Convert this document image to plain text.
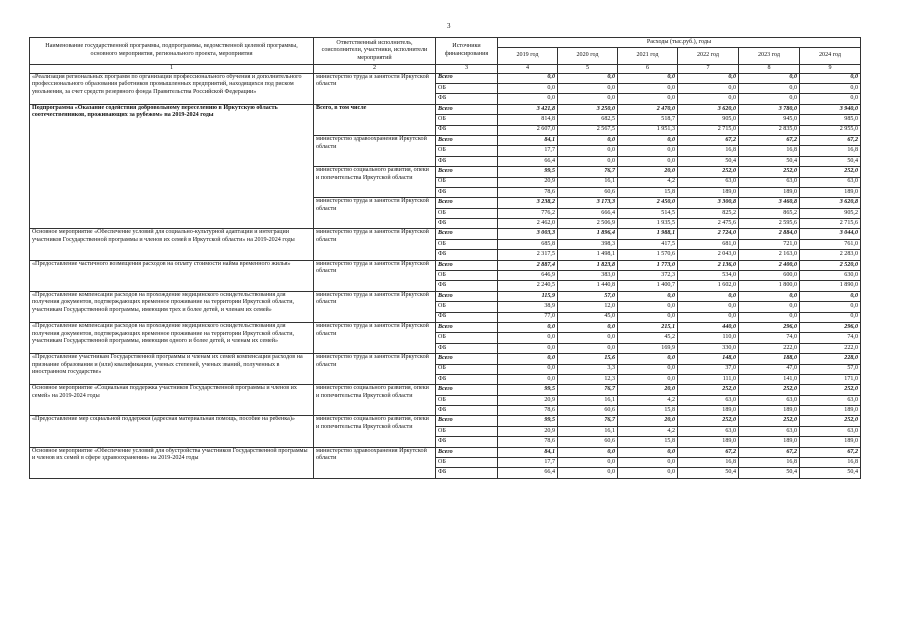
3
Наименование государственной программы, подпрограммы, ведомственной целевой программы, основного мероприятия, регионального проекта, мероприятия	Ответственный исполнитель, соисполнители, участники, исполнители мероприятий	Источники финансирования	Расходы (тыс.руб.), годы					
			2019 год	2020 год	2021 год	2022 год	2023 год	2024 год
1	2	3	4	5	6	7	8	9
«Реализация региональных программ по организации профессионального обучения и дополнительного профессионального образования работников промышленных предприятий, находящихся под риском увольнения, за счет средств резервного фонда Правительства Российской Федерации»	министерство труда и занятости Иркутской области	Всего	0,0	0,0	0,0	0,0	0,0	0,0
		ОБ	0,0	0,0	0,0	0,0	0,0	0,0
		ФБ	0,0	0,0	0,0	0,0	0,0	0,0
Подпрограмма «Оказание содействия добровольному переселению в Иркутскую область соотечественников, проживающих за рубежом» на 2019-2024 годы	Всего, в том числе	Всего	3 421,8	3 250,0	2 470,0	3 620,0	3 780,0	3 940,0
		ОБ	814,8	682,5	518,7	905,0	945,0	985,0
		ФБ	2 607,0	2 567,5	1 951,3	2 715,0	2 835,0	2 955,0
	министерство здравоохранения Иркутской области	Всего	84,1	0,0	0,0	67,2	67,2	67,2
		ОБ	17,7	0,0	0,0	16,8	16,8	16,8
		ФБ	66,4	0,0	0,0	50,4	50,4	50,4
	министерство социального развития, опеки и попечительства Иркутской области	Всего	99,5	76,7	20,0	252,0	252,0	252,0
		ОБ	20,9	16,1	4,2	63,0	63,0	63,0
		ФБ	78,6	60,6	15,8	189,0	189,0	189,0
	министерство труда и занятости Иркутской области	Всего	3 238,2	3 173,3	2 450,0	3 300,8	3 460,8	3 620,8
		ОБ	776,2	666,4	514,5	825,2	865,2	905,2
		ФБ	2 462,0	2 506,9	1 935,5	2 475,6	2 595,6	2 715,6
Основное мероприятие «Обеспечение условий для социально-культурной адаптации и интеграции участников Государственной программы и членов их семей в Иркутской области» на 2019-2024 годы	министерство труда и занятости Иркутской области	Всего	3 003,3	1 896,4	1 988,1	2 724,0	2 884,0	3 044,0
		ОБ	685,8	398,3	417,5	681,0	721,0	761,0
		ФБ	2 317,5	1 498,1	1 570,6	2 043,0	2 163,0	2 283,0
«Предоставление частичного возмещения расходов на оплату стоимости найма временного жилья»	министерство труда и занятости Иркутской области	Всего	2 887,4	1 823,8	1 773,0	2 136,0	2 400,0	2 520,0
		ОБ	646,9	383,0	372,3	534,0	600,0	630,0
		ФБ	2 240,5	1 440,8	1 400,7	1 602,0	1 800,0	1 890,0
«Предоставление компенсации расходов на прохождение медицинского освидетельствования для получения документов, подтверждающих временное проживание на территории Иркутской области, участникам Государственной программы, имеющим трех и более детей, и членам их семей»	министерство труда и занятости Иркутской области	Всего	115,9	57,0	0,0	0,0	0,0	0,0
		ОБ	38,9	12,0	0,0	0,0	0,0	0,0
		ФБ	77,0	45,0	0,0	0,0	0,0	0,0
«Предоставление компенсации расходов на прохождение медицинского освидетельствования для получения документов, подтверждающих временное проживание на территории Иркутской области, участникам Государственной программы, имеющим одного и более детей, и членам их семей»	министерство труда и занятости Иркутской области	Всего	0,0	0,0	215,1	440,0	296,0	296,0
		ОБ	0,0	0,0	45,2	110,0	74,0	74,0
		ФБ	0,0	0,0	169,9	330,0	222,0	222,0
«Предоставление участникам Государственной программы и членам их семей компенсации расходов на признание образования и (или) квалификации, ученых степеней, ученых званий, полученных в иностранном государстве»	министерство труда и занятости Иркутской области	Всего	0,0	15,6	0,0	148,0	188,0	228,0
		ОБ	0,0	3,3	0,0	37,0	47,0	57,0
		ФБ	0,0	12,3	0,0	111,0	141,0	171,0
Основное мероприятие «Социальная поддержка участников Государственной программы и членов их семей» на 2019-2024 годы	министерство социального развития, опеки и попечительства Иркутской области	Всего	99,5	76,7	20,0	252,0	252,0	252,0
		ОБ	20,9	16,1	4,2	63,0	63,0	63,0
		ФБ	78,6	60,6	15,8	189,0	189,0	189,0
«Предоставление мер социальной поддержки (адресная материальная помощь, пособие на ребенка)»	министерство социального развития, опеки и попечительства Иркутской области	Всего	99,5	76,7	20,0	252,0	252,0	252,0
		ОБ	20,9	16,1	4,2	63,0	63,0	63,0
		ФБ	78,6	60,6	15,8	189,0	189,0	189,0
Основное мероприятие «Обеспечение условий для обустройства участников Государственной программы и членов их семей в сфере здравоохранения» на 2019-2024 годы	министерство здравоохранения Иркутской области	Всего	84,1	0,0	0,0	67,2	67,2	67,2
		ОБ	17,7	0,0	0,0	16,8	16,8	16,8
		ФБ	66,4	0,0	0,0	50,4	50,4	50,4
